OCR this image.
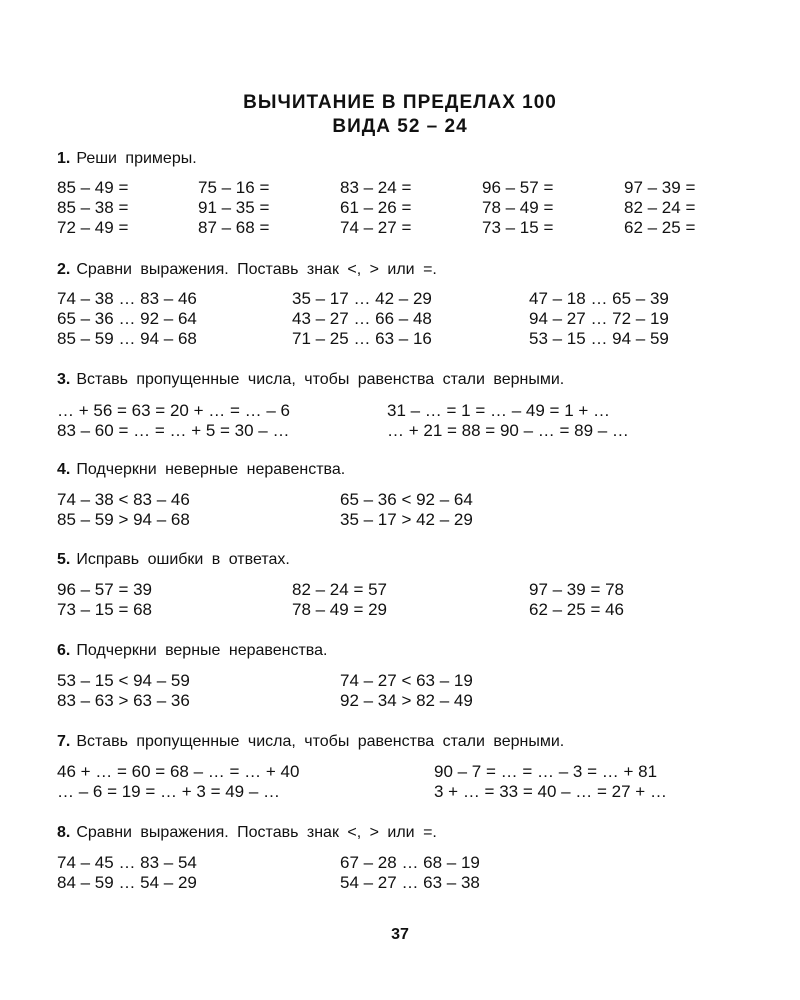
ВЫЧИТАНИЕ В ПРЕДЕЛАХ 100
ВИДА 52 – 24
1. Реши примеры.
85 – 49 =	75 – 16 =	83 – 24 =	96 – 57 =	97 – 39 =
85 – 38 =	91 – 35 =	61 – 26 =	78 – 49 =	82 – 24 =
72 – 49 =	87 – 68 =	74 – 27 =	73 – 15 =	62 – 25 =
2. Сравни выражения. Поставь знак <, > или =.
74 – 38 … 83 – 46	35 – 17 … 42 – 29	47 – 18 … 65 – 39
65 – 36 … 92 – 64	43 – 27 … 66 – 48	94 – 27 … 72 – 19
85 – 59 … 94 – 68	71 – 25 … 63 – 16	53 – 15 … 94 – 59
3. Вставь пропущенные числа, чтобы равенства стали верными.
… + 56 = 63 = 20 + … = … – 6	31 – … = 1 = … – 49 = 1 + …
83 – 60 = … = … + 5 = 30 – …	… + 21 = 88 = 90 – … = 89 – …
4. Подчеркни неверные неравенства.
74 – 38 < 83 – 46	65 – 36 < 92 – 64
85 – 59 > 94 – 68	35 – 17 > 42 – 29
5. Исправь ошибки в ответах.
96 – 57 = 39	82 – 24 = 57	97 – 39 = 78
73 – 15 = 68	78 – 49 = 29	62 – 25 = 46
6. Подчеркни верные неравенства.
53 – 15 < 94 – 59	74 – 27 < 63 – 19
83 – 63 > 63 – 36	92 – 34 > 82 – 49
7. Вставь пропущенные числа, чтобы равенства стали верными.
46 + … = 60 = 68 – … = … + 40	90 – 7 = … = … – 3 = … + 81
… – 6 = 19 = … + 3 = 49 – …	3 + … = 33 = 40 – … = 27 + …
8. Сравни выражения. Поставь знак <, > или =.
74 – 45 … 83 – 54	67 – 28 … 68 – 19
84 – 59 … 54 – 29	54 – 27 … 63 – 38
37
